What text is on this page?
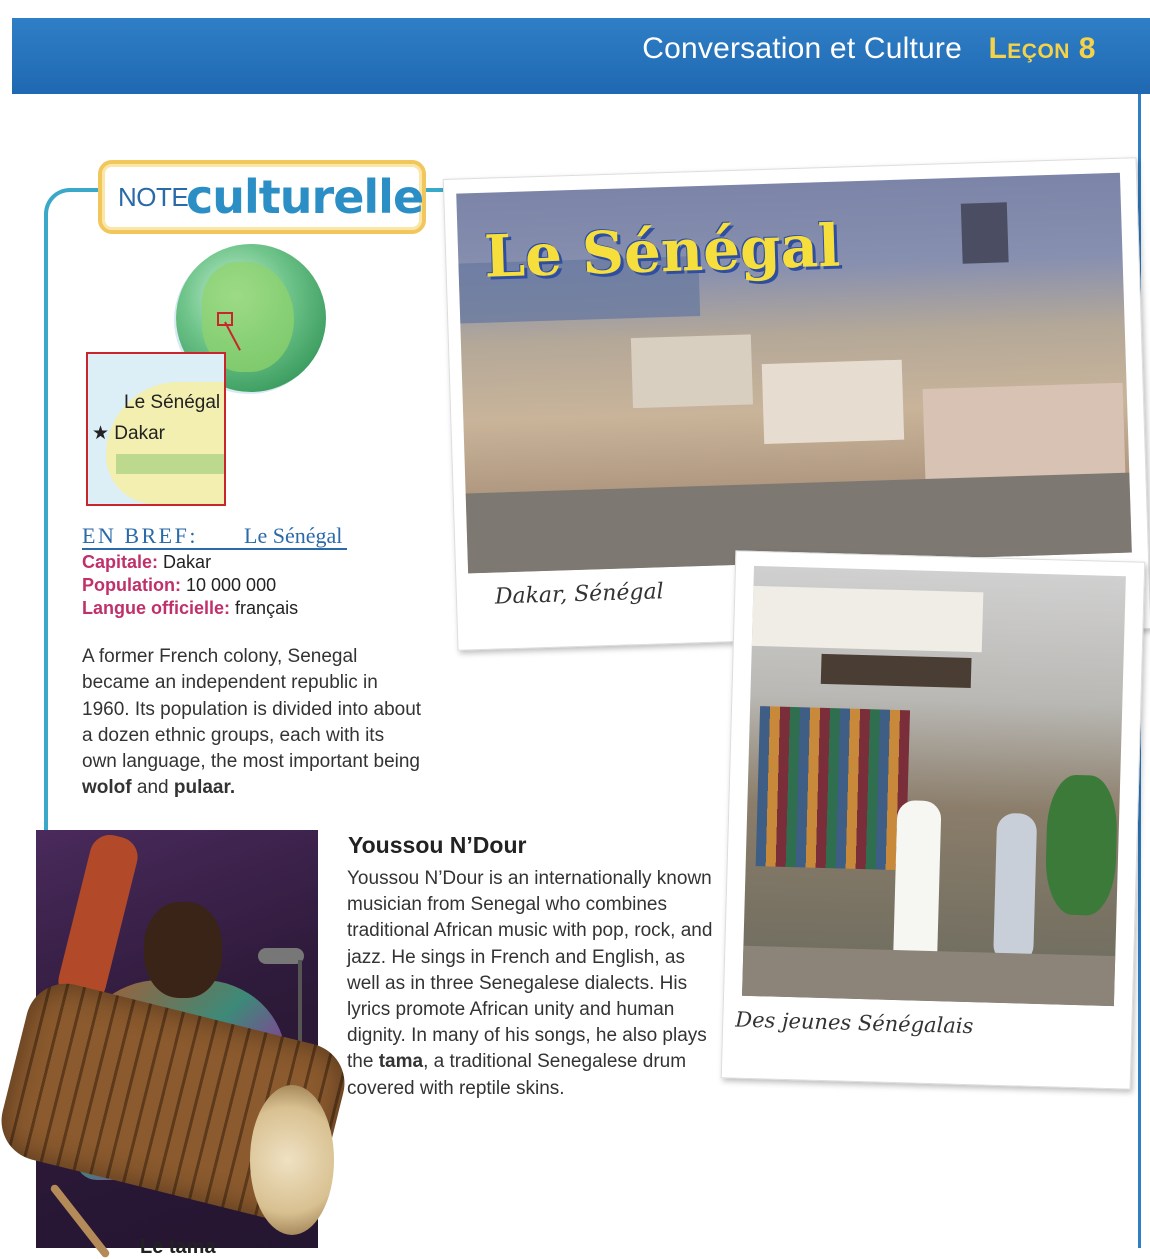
Conversation et Culture Leçon 8
NOTE
culturelle
Le Sénégal
★ Dakar
EN BREF: Le Sénégal
Capitale: Dakar
Population: 10 000 000
Langue officielle: français
A former French colony, Senegal became an independent republic in 1960. Its population is divided into about a dozen ethnic groups, each with its own language, the most important being wolof and pulaar.
Le tama
Youssou N’Dour
Youssou N’Dour is an internationally known musician from Senegal who combines traditional African music with pop, rock, and jazz. He sings in French and English, as well as in three Senegalese dialects. His lyrics promote African unity and human dignity. In many of his songs, he also plays the tama, a traditional Senegalese drum covered with reptile skins.
Le Sénégal
Dakar, Sénégal
Des jeunes Sénégalais
